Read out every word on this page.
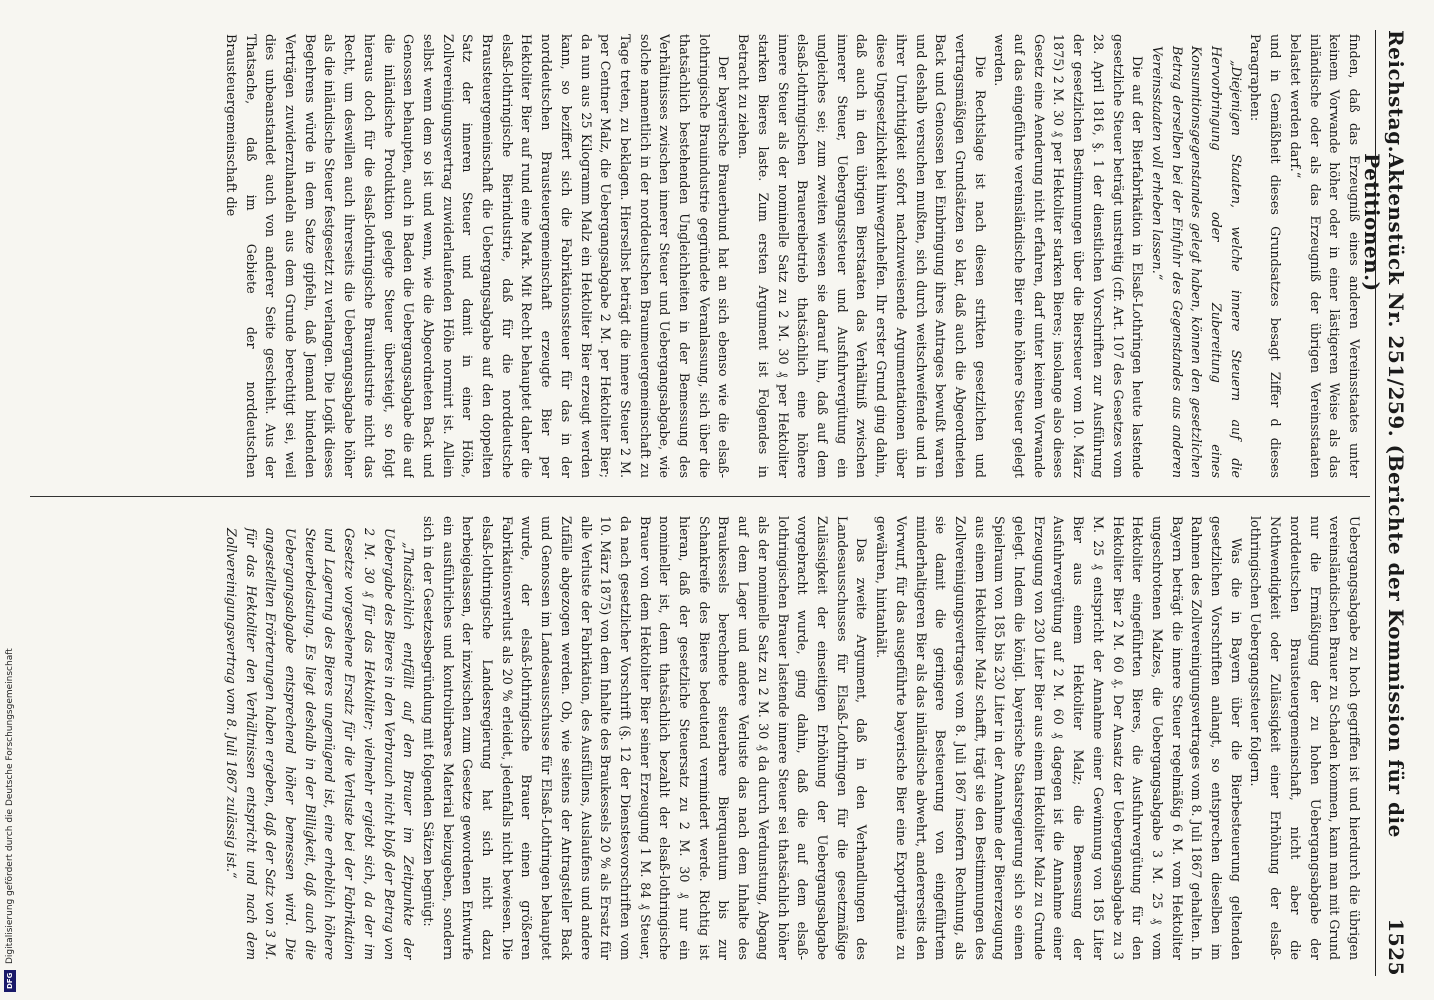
Reichstag.
Aktenstück Nr. 251/259. (Berichte der Kommission für die Petitionen.)
1525

finden, daß das Erzeugniß eines anderen Vereinsstaates unter keinem Vorwande höher oder in einer lästigeren Weise als das inländische oder als das Erzeugniß der übrigen Vereinsstaaten belastet werden darf.“

und in Gemäßheit dieses Grundsatzes besagt Ziffer d dieses Paragraphen:

„Diejenigen Staaten, welche innere Steuern auf die Hervorbringung oder Zubereitung eines Konsumtionsgegenstandes gelegt haben, können den gesetzlichen Betrag derselben bei der Einfuhr des Gegenstandes aus anderen Vereinsstaaten voll erheben lassen.“

Die auf der Bierfabrikation in Elsaß-Lothringen heute lastende gesetzliche Steuer beträgt unstreitig (cfr. Art. 107 des Gesetzes vom 28. April 1816, §. 1 der dienstlichen Vorschriften zur Ausführung der gesetzlichen Bestimmungen über die Biersteuer vom 10. März 1875) 2 M. 30 ₰ per Hektoliter starken Bieres; insolange also dieses Gesetz eine Aenderung nicht erfahren, darf unter keinem Vorwande auf das eingeführte vereinsländische Bier eine höhere Steuer gelegt werden.

Die Rechtslage ist nach diesen strikten gesetzlichen und vertragsmäßigen Grundsätzen so klar, daß auch die Abgeordneten Back und Genossen bei Einbringung ihres Antrages bewußt waren und deshalb versuchen mußten, sich durch weitschweifende und in ihrer Unrichtigkeit sofort nachzuweisende Argumentationen über diese Ungesetzlichkeit hinwegzuhelfen. Ihr erster Grund ging dahin, daß auch in den übrigen Bierstaaten das Verhältniß zwischen innerer Steuer, Uebergangssteuer und Ausfuhrvergütung ein ungleiches sei; zum zweiten wiesen sie darauf hin, daß auf dem elsaß-lothringischen Brauereibetrieb thatsächlich eine höhere innere Steuer als der nominelle Satz zu 2 M. 30 ₰ per Hektoliter starken Bieres laste. Zum ersten Argument ist Folgendes in Betracht zu ziehen.

Der bayerische Brauerbund hat an sich ebenso wie die elsaß-lothringische Brauindustrie gegründete Veranlassung, sich über die thatsächlich bestehenden Ungleichheiten in der Bemessung des Verhältnisses zwischen innerer Steuer und Uebergangsabgabe, wie solche namentlich in der norddeutschen Braumeuergemeinschaft zu Tage treten, zu beklagen. Hierselbst beträgt die innere Steuer 2 M. per Centner Malz, die Uebergangsabgabe 2 M. per Hektoliter Bier; da nun aus 25 Kilogramm Malz ein Hektoliter Bier erzeugt werden kann, so beziffert sich die Fabrikationssteuer für das in der norddeutschen Brausteuergemeinschaft erzeugte Bier per Hektoliter Bier auf rund eine Mark. Mit Recht behauptet daher die elsaß-lothringische Bierindustrie, daß für die norddeutsche Brausteuergemeinschaft die Uebergangsabgabe auf den doppelten Satz der inneren Steuer und damit in einer Höhe, Zollvereinigungsvertrag zuwiderlaufenden Höhe normirt ist. Allein selbst wenn dem so ist und wenn, wie die Abgeordneten Back und Genossen behaupten, auch in Baden die Uebergangsabgabe die auf die inländische Produktion gelegte Steuer übersteigt, so folgt hieraus doch für die elsaß-lothringische Brauindustrie nicht das Recht, um deswillen auch ihrerseits die Uebergangsabgabe höher als die inländische Steuer festgesetzt zu verlangen. Die Logik dieses Begehrens würde in dem Satze gipfeln, daß Jemand bindenden Verträgen zuwiderzuhandeln aus dem Grunde berechtigt sei, weil dies unbeanstandet auch von anderer Seite geschieht. Aus der Thatsache, daß im Gebiete der norddeutschen Brausteuergemeinschaft die

Uebergangsabgabe zu hoch gegriffen ist und hierdurch die übrigen vereinsländischen Brauer zu Schaden kommen, kann man mit Grund nur die Ermäßigung der zu hohen Uebergangsabgabe der norddeutschen Brausteuergemeinschaft, nicht aber die Nothwendigkeit oder Zulässigkeit einer Erhöhung der elsaß-lothringischen Uebergangssteuer folgern.

Was die in Bayern über die Bierbesteuerung geltenden gesetzlichen Vorschriften anlangt, so entsprechen dieselben im Rahmen des Zollvereinigungsvertrages vom 8. Juli 1867 gehalten. In Bayern beträgt die innere Steuer regelmäßig 6 M. vom Hektoliter ungeschrotenen Malzes, die Uebergangsabgabe 3 M. 25 ₰ vom Hektoliter eingeführten Bieres, die Ausfuhrvergütung für den Hektoliter Bier 2 M. 60 ₰. Der Ansatz der Uebergangsabgabe zu 3 M. 25 ₰ entspricht der Annahme einer Gewinnung von 185 Liter Bier aus einem Hektoliter Malz; die Bemessung der Ausfuhrvergütung auf 2 M. 60 ₰ dagegen ist die Annahme einer Erzeugung von 230 Liter Bier aus einem Hektoliter Malz zu Grunde gelegt. Indem die königl. bayerische Staatsregierung sich so einen Spielraum von 185 bis 230 Liter in der Annahme der Biererzeugung aus einem Hektoliter Malz schafft, trägt sie den Bestimmungen des Zollvereinigungsvertrages vom 8. Juli 1867 insofern Rechnung, als sie damit die geringere Besteuerung von eingeführtem minderhaltigeren Bier als das inländische abwehrt, andererseits den Vorwurf, für das ausgeführte bayerische Bier eine Exportprämie zu gewähren, hintanhält.

Das zweite Argument, daß in den Verhandlungen des Landesausschusses für Elsaß-Lothringen für die gesetzmäßige Zulässigkeit der einseitigen Erhöhung der Uebergangsabgabe vorgebracht wurde, ging dahin, daß die auf dem elsaß-lothringischen Brauer lastende innere Steuer sei thatsächlich höher als der nominelle Satz zu 2 M. 30 ₰ da durch Verdunstung, Abgang auf dem Lager und andere Verluste das nach dem Inhalte des Braukessels berechnete steuerbare Bierquantum bis zur Schankreife des Bieres bedeutend vermindert werde. Richtig ist hieran, daß der gesetzliche Steuersatz zu 2 M. 30 ₰ nur ein nomineller ist, denn thatsächlich bezahlt der elsaß-lothringische Brauer von dem Hektoliter Bier seiner Erzeugung 1 M. 84 ₰ Steuer, da nach gesetzlicher Vorschrift (§. 12 der Dienstesvorschriften vom 10. März 1875) von dem Inhalte des Braukessels 20 % als Ersatz für alle Verluste der Fabrikation, des Ausfüllens, Auslaufens und andere Zufälle abgezogen werden. Ob, wie seitens der Antragsteller Back und Genossen im Landesausschusse für Elsaß-Lothringen behauptet wurde, der elsaß-lothringische Brauer einen größeren Fabrikationsverlust als 20 % erleidet, jedenfalls nicht bewiesen. Die elsaß-lothringische Landesregierung hat sich nicht dazu herbeigelassen, der inzwischen zum Gesetze gewordenen Entwurfe ein ausführliches und kontrolirbares Material beizugeben, sondern sich in der Gesetzesbegründung mit folgenden Sätzen begnügt:

„Thatsächlich entfällt auf den Brauer im Zeitpunkte der Uebergabe des Bieres in den Verbrauch nicht bloß der Betrag von 2 M. 30 ₰ für das Hektoliter; vielmehr ergiebt sich, da der im Gesetze vorgesehene Ersatz für die Verluste bei der Fabrikation und Lagerung des Bieres ungenügend ist, eine erheblich höhere Steuerbelastung. Es liegt deshalb in der Billigkeit, daß auch die Uebergangsabgabe entsprechend höher bemessen wird. Die angestellten Erörterungen haben ergeben, daß der Satz von 3 M. für das Hektoliter den Verhältnissen entspricht und nach dem Zollvereinigungsvertrag vom 8. Juli 1867 zulässig ist.“

DFG
Digitalisierung gefördert durch die Deutsche Forschungsgemeinschaft
